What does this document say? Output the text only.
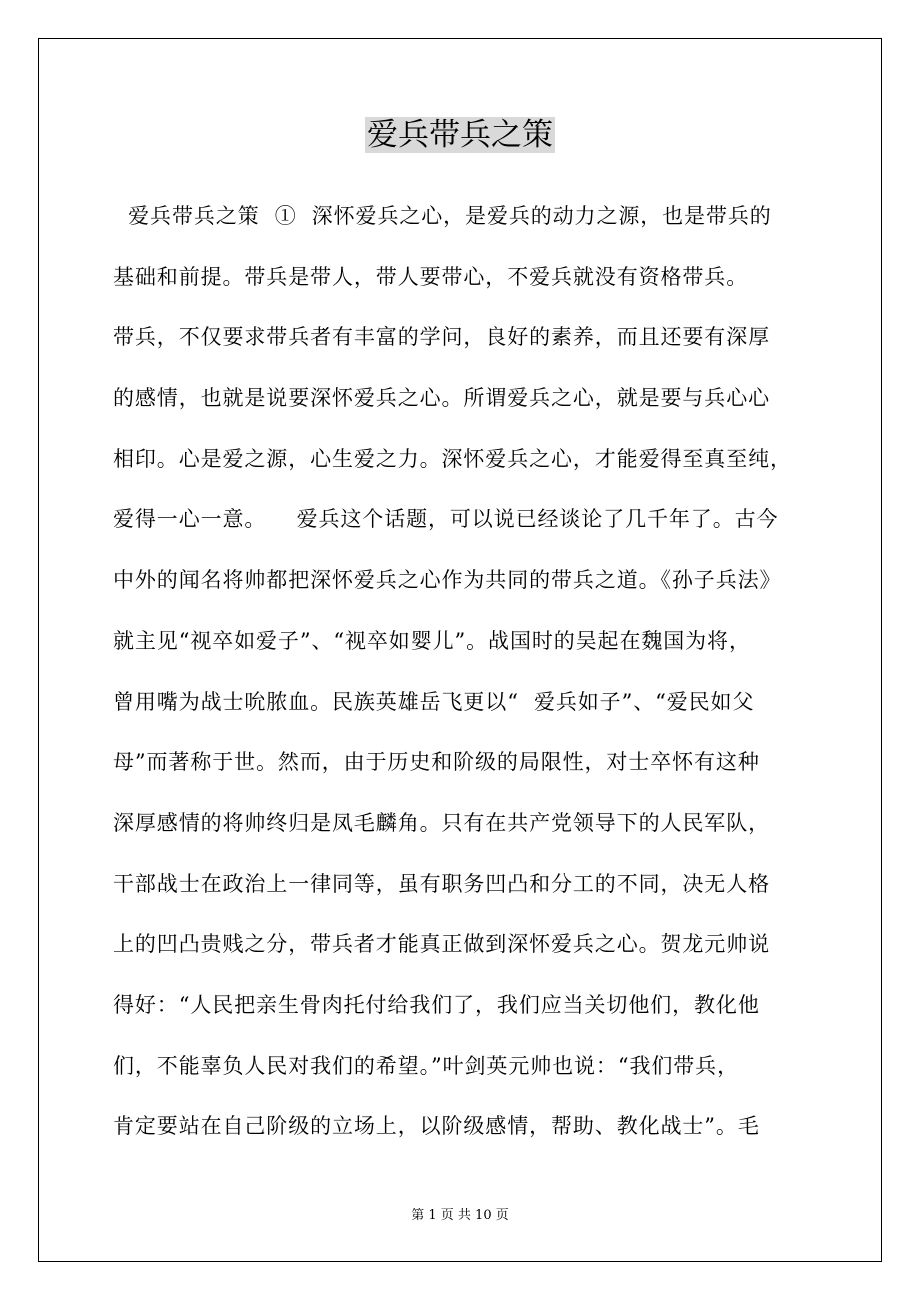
爱兵带兵之策
爱兵带兵之策  ①  深怀爱兵之心，是爱兵的动力之源，也是带兵的
基础和前提。带兵是带人，带人要带心，不爱兵就没有资格带兵。
带兵，不仅要求带兵者有丰富的学问，良好的素养，而且还要有深厚
的感情，也就是说要深怀爱兵之心。所谓爱兵之心，就是要与兵心心
相印。心是爱之源，心生爱之力。深怀爱兵之心，才能爱得至真至纯，
爱得一心一意。    爱兵这个话题，可以说已经谈论了几千年了。古今
中外的闻名将帅都把深怀爱兵之心作为共同的带兵之道。《孙子兵法》
就主见“视卒如爱子”、“视卒如婴儿”。战国时的吴起在魏国为将，
曾用嘴为战士吮脓血。民族英雄岳飞更以“  爱兵如子”、“爱民如父
母”而著称于世。然而，由于历史和阶级的局限性，对士卒怀有这种
深厚感情的将帅终归是凤毛麟角。只有在共产党领导下的人民军队，
干部战士在政治上一律同等，虽有职务凹凸和分工的不同，决无人格
上的凹凸贵贱之分，带兵者才能真正做到深怀爱兵之心。贺龙元帅说
得好：“人民把亲生骨肉托付给我们了，我们应当关切他们，教化他
们，不能辜负人民对我们的希望。”叶剑英元帅也说：“我们带兵，
肯定要站在自己阶级的立场上，以阶级感情，帮助、教化战士”。毛
第 1 页 共 10 页
